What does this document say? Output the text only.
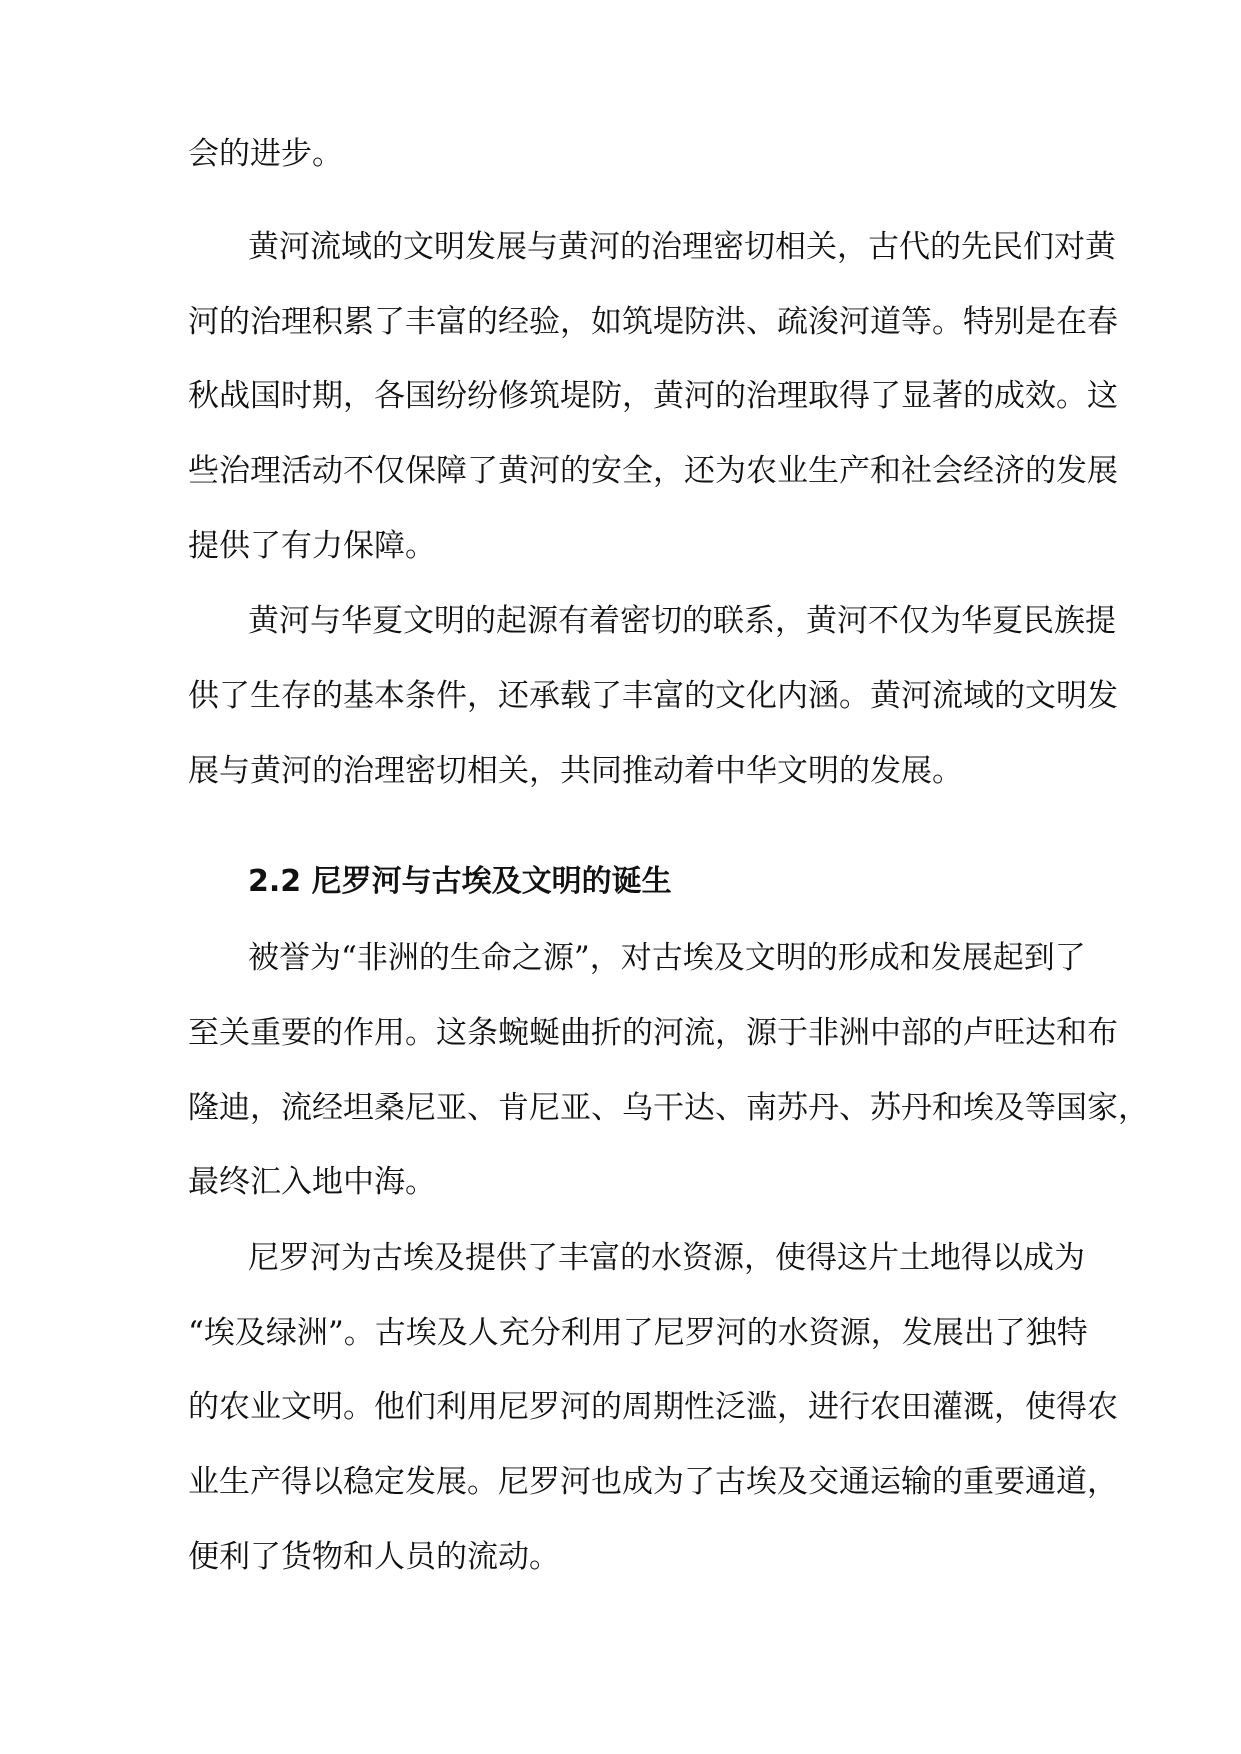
会的进步。

黄河流域的文明发展与黄河的治理密切相关，古代的先民们对黄

河的治理积累了丰富的经验，如筑堤防洪、疏浚河道等。特别是在春

秋战国时期，各国纷纷修筑堤防，黄河的治理取得了显著的成效。这

些治理活动不仅保障了黄河的安全，还为农业生产和社会经济的发展

提供了有力保障。

黄河与华夏文明的起源有着密切的联系，黄河不仅为华夏民族提

供了生存的基本条件，还承载了丰富的文化内涵。黄河流域的文明发

展与黄河的治理密切相关，共同推动着中华文明的发展。

2.2 尼罗河与古埃及文明的诞生

被誉为“非洲的生命之源”，对古埃及文明的形成和发展起到了

至关重要的作用。这条蜿蜒曲折的河流，源于非洲中部的卢旺达和布

隆迪，流经坦桑尼亚、肯尼亚、乌干达、南苏丹、苏丹和埃及等国家，

最终汇入地中海。

尼罗河为古埃及提供了丰富的水资源，使得这片土地得以成为

“埃及绿洲”。古埃及人充分利用了尼罗河的水资源，发展出了独特

的农业文明。他们利用尼罗河的周期性泛滥，进行农田灌溉，使得农

业生产得以稳定发展。尼罗河也成为了古埃及交通运输的重要通道，

便利了货物和人员的流动。
